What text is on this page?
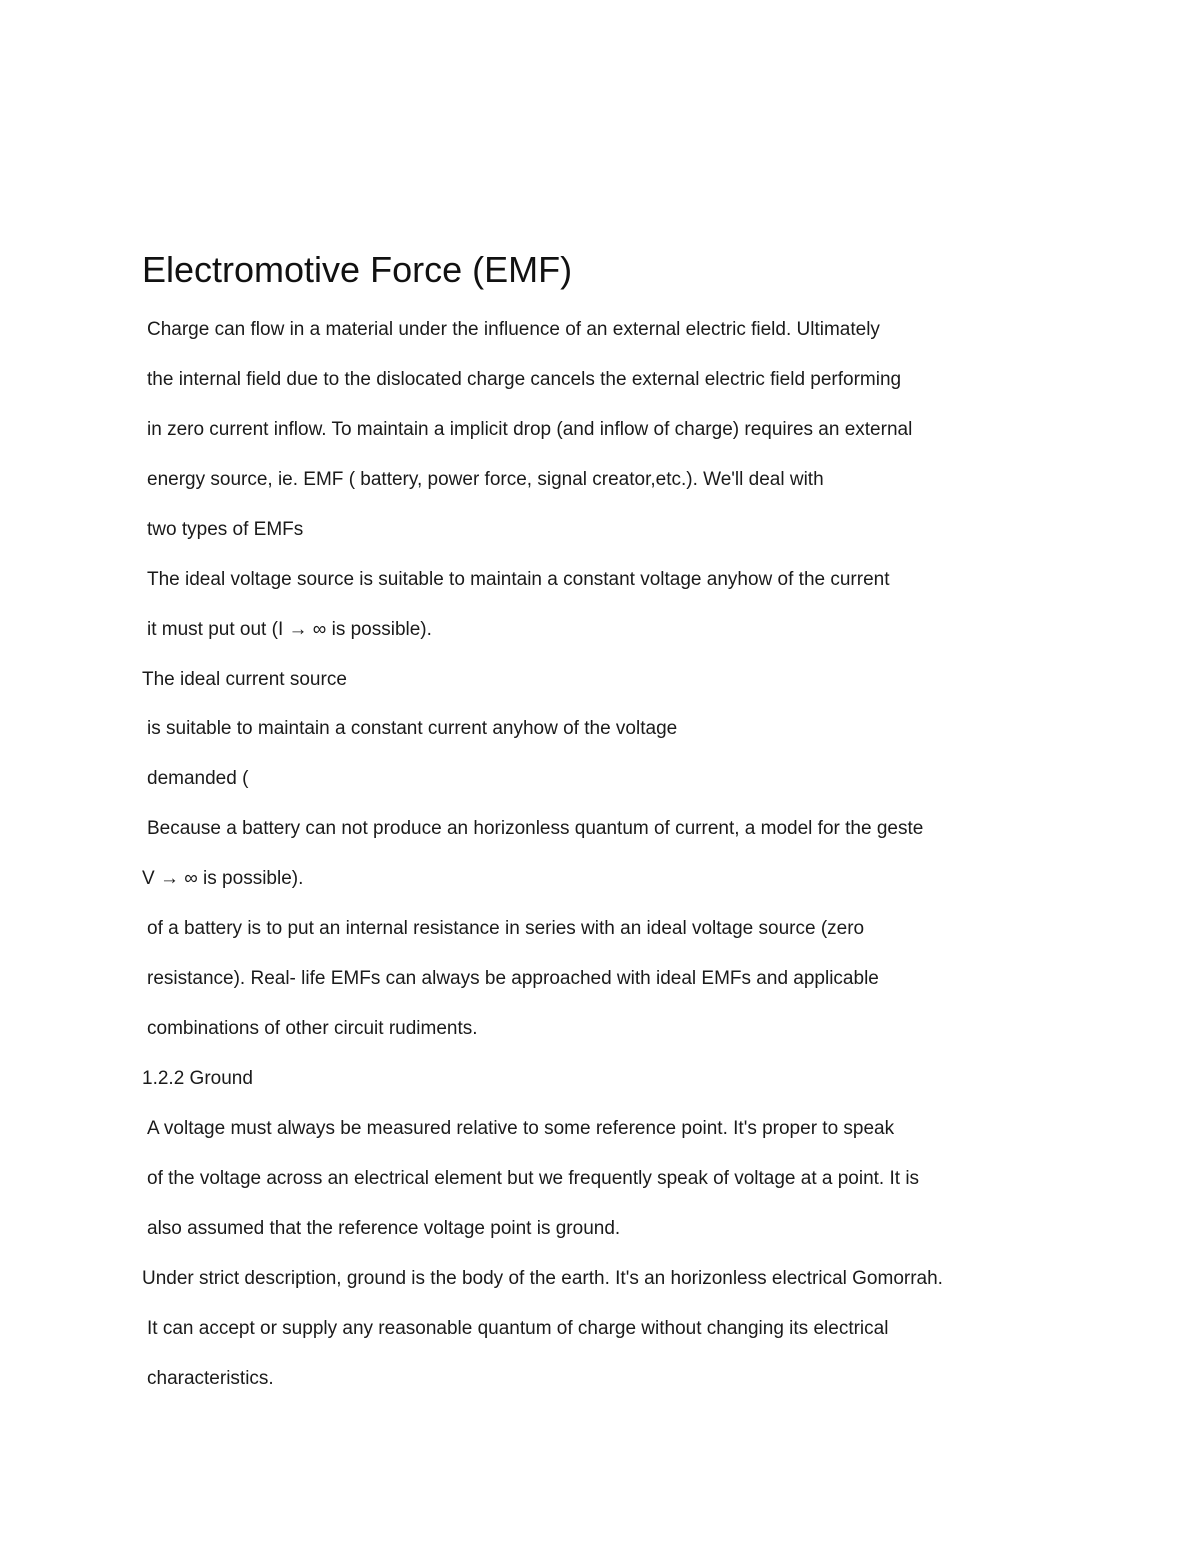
Electromotive Force (EMF)

Charge can flow in a material under the influence of an external electric field. Ultimately

the internal field due to the dislocated charge cancels the external electric field performing

in zero current inflow. To maintain a implicit drop (and inflow of charge) requires an external

energy source, ie. EMF ( battery, power force, signal creator,etc.). We'll deal with

two types of EMFs

The ideal voltage source is suitable to maintain a constant voltage anyhow of the current

it must put out (I → ∞ is possible).

The ideal current source

is suitable to maintain a constant current anyhow of the voltage

demanded (

Because a battery can not produce an horizonless quantum of current, a model for the geste

V → ∞ is possible).

of a battery is to put an internal resistance in series with an ideal voltage source (zero

resistance). Real- life EMFs can always be approached with ideal EMFs and applicable

combinations of other circuit rudiments.

1.2.2 Ground

A voltage must always be measured relative to some reference point. It's proper to speak

of the voltage across an electrical element but we frequently speak of voltage at a point. It is

also assumed that the reference voltage point is ground.

Under strict description, ground is the body of the earth. It's an horizonless electrical Gomorrah.

It can accept or supply any reasonable quantum of charge without changing its electrical

characteristics.
